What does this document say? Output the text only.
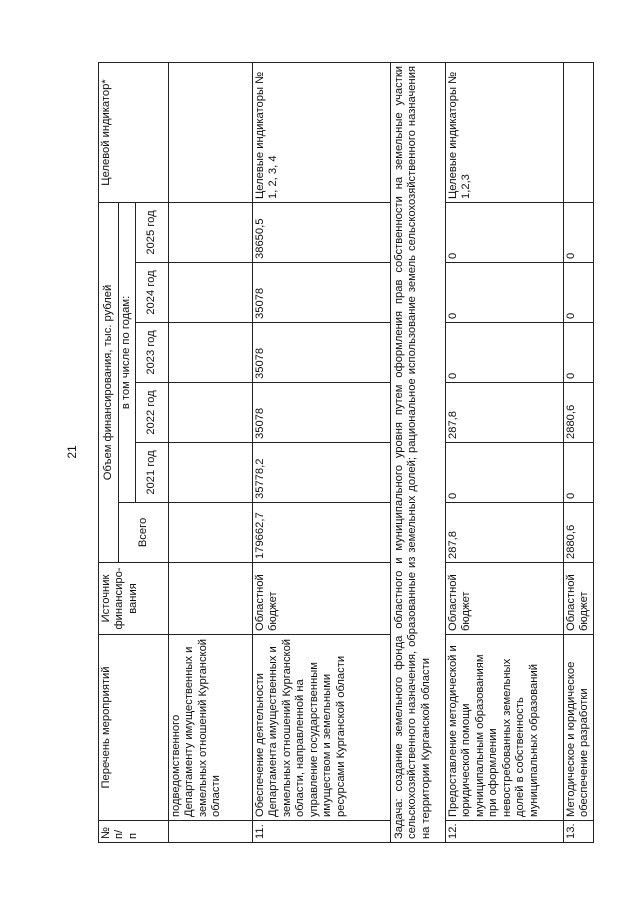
21
№ п/п	Перечень мероприятий	Источник финансиро-вания	Объем финансирования, тыс. рублей						Целевой индикатор*
			Всего	в том числе по годам:					
				2021 год	2022 год	2023 год	2024 год	2025 год	
	подведомственного Департаменту имущественных и земельных отношений Курганской области								
11.	Обеспечение деятельности Департамента имущественных и земельных отношений Курганской области, направленной на управление государственным имуществом и земельными ресурсами Курганской области	Областной бюджет	179662,7	35778,2	35078	35078	35078	38650,5	Целевые индикаторы № 1, 2, 3, 4
Задача: создание земельного фонда областного и муниципального уровня путем оформления прав собственности на земельные участки сельскохозяйственного назначения, образованные из земельных долей; рациональное использование земель сельскохозяйственного назначения на территории Курганской области									
12.	Предоставление методической и юридической помощи муниципальным образованиям при оформлении невостребованных земельных долей в собственность муниципальных образований	Областной бюджет	287,8	0	287,8	0	0	0	Целевые индикаторы № 1,2,3
13.	Методическое и юридическое обеспечение разработки	Областной бюджет	2880,6	0	2880,6	0	0	0	
